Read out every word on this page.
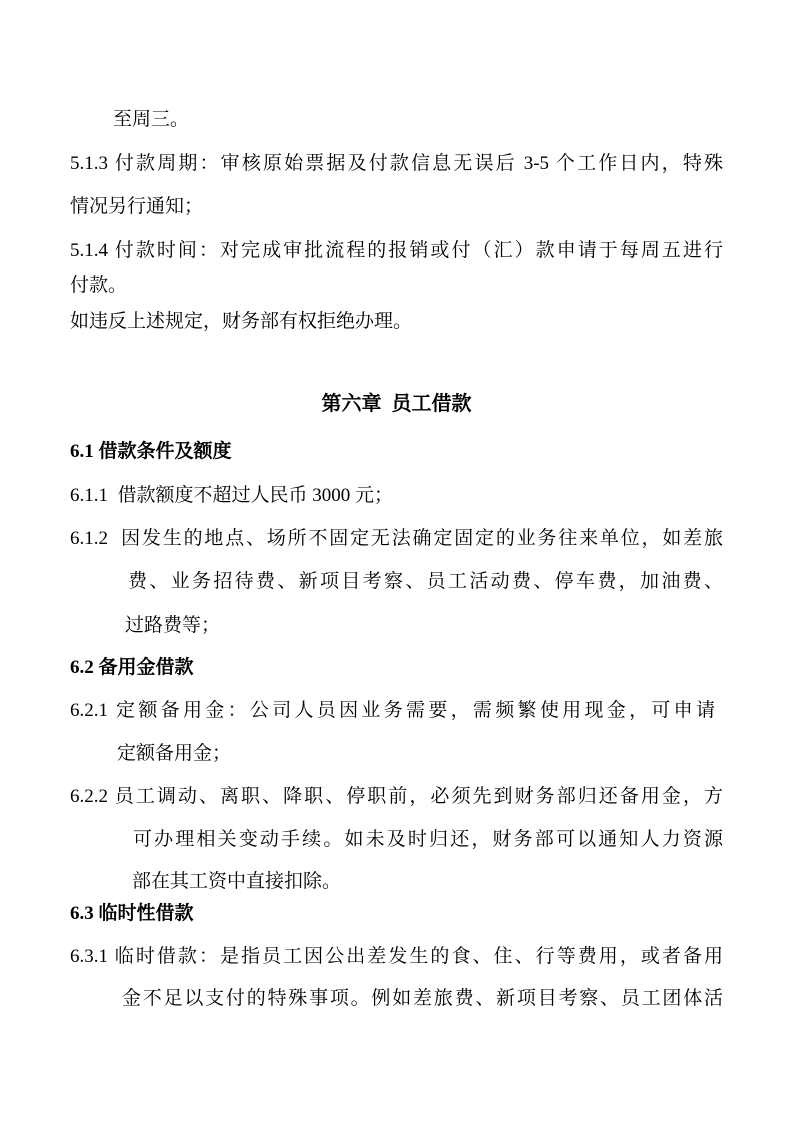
至周三。
5.1.3 付款周期：审核原始票据及付款信息无误后 3-5 个工作日内，特殊
情况另行通知；
5.1.4 付款时间：对完成审批流程的报销或付（汇）款申请于每周五进行
付款。
如违反上述规定，财务部有权拒绝办理。
第六章  员工借款
6.1 借款条件及额度
6.1.1  借款额度不超过人民币 3000 元；
6.1.2  因发生的地点、场所不固定无法确定固定的业务往来单位，如差旅
费、业务招待费、新项目考察、员工活动费、停车费，加油费、
过路费等；
6.2 备用金借款
6.2.1 定额备用金：公司人员因业务需要，需频繁使用现金，可申请
定额备用金；
6.2.2 员工调动、离职、降职、停职前，必须先到财务部归还备用金，方
可办理相关变动手续。如未及时归还，财务部可以通知人力资源
部在其工资中直接扣除。
6.3 临时性借款
6.3.1 临时借款：是指员工因公出差发生的食、住、行等费用，或者备用
金不足以支付的特殊事项。例如差旅费、新项目考察、员工团体活
